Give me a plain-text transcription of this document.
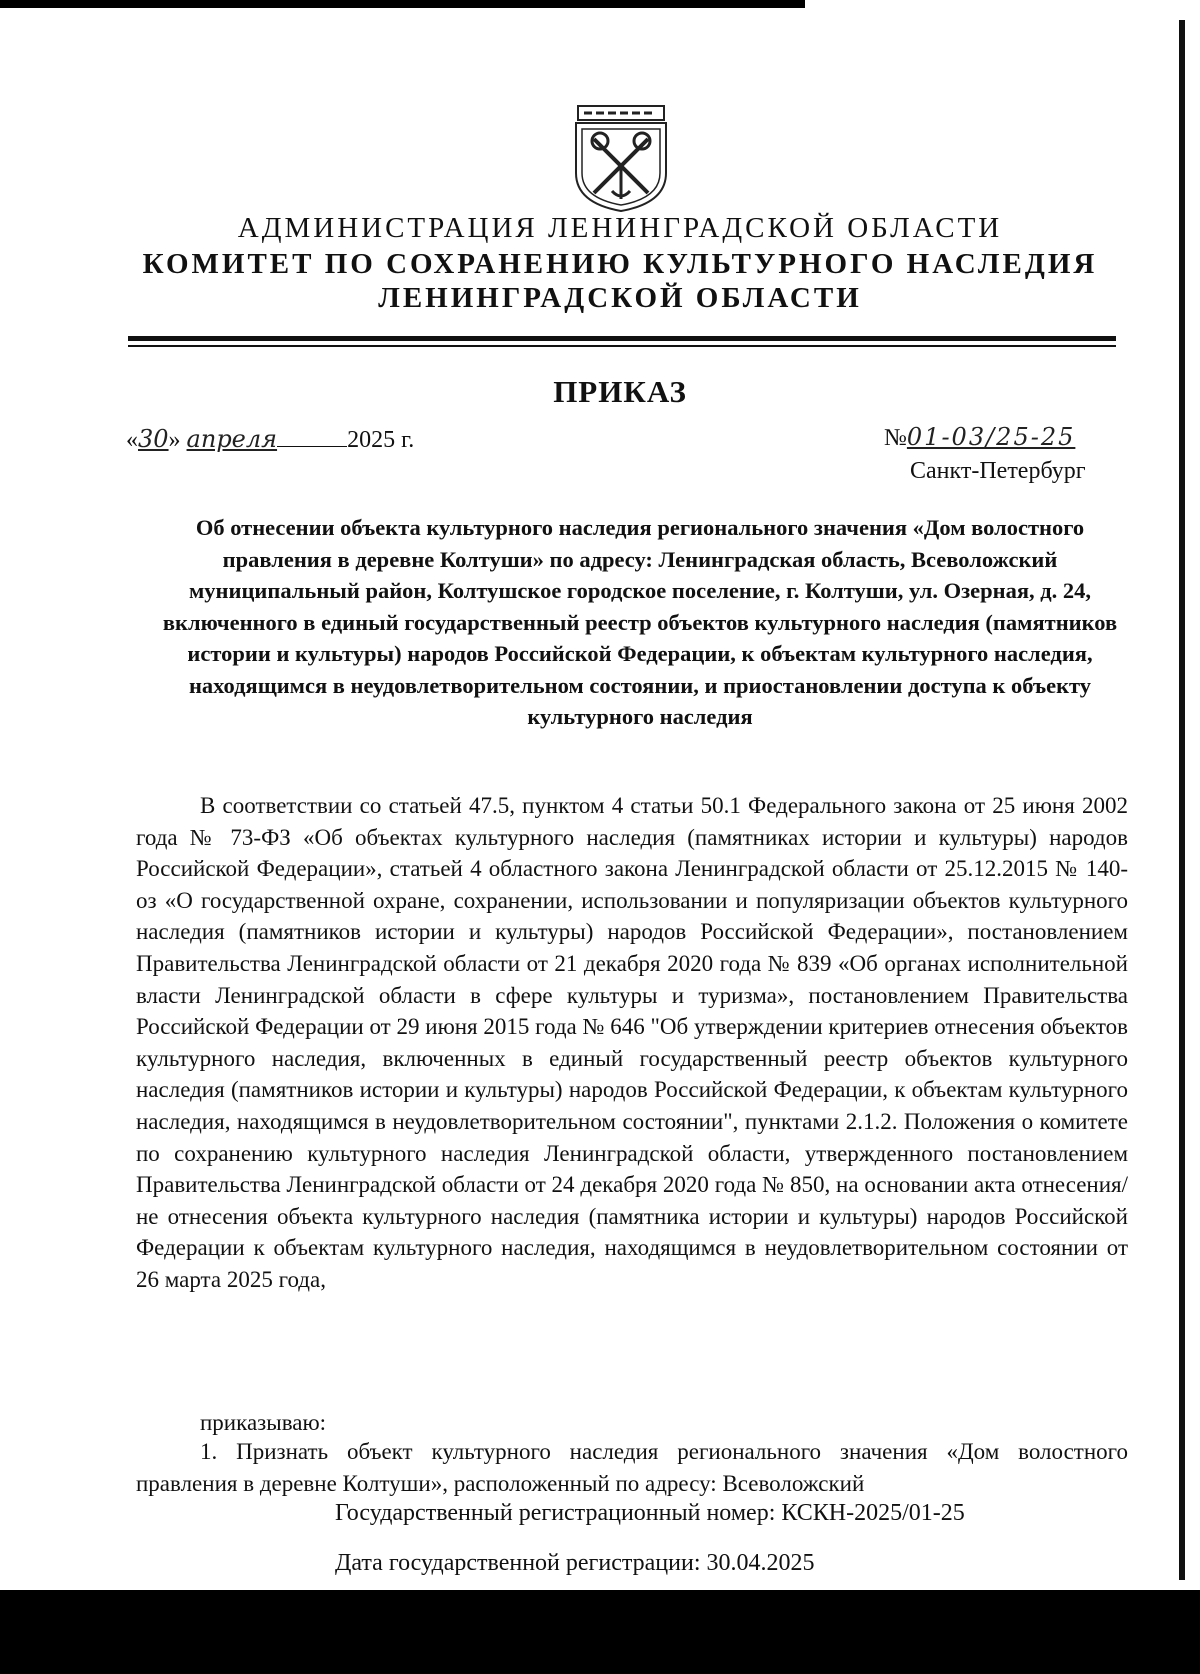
АДМИНИСТРАЦИЯ ЛЕНИНГРАДСКОЙ ОБЛАСТИ
КОМИТЕТ ПО СОХРАНЕНИЮ КУЛЬТУРНОГО НАСЛЕДИЯ
ЛЕНИНГРАДСКОЙ ОБЛАСТИ
ПРИКАЗ
«30» апреля	2025 г.	№01-03/25-25
Санкт-Петербург

Об отнесении объекта культурного наследия регионального значения «Дом волостного правления в деревне Колтуши» по адресу: Ленинградская область, Всеволожский муниципальный район, Колтушское городское поселение, г. Колтуши, ул. Озерная, д. 24, включенного в единый государственный реестр объектов культурного наследия (памятников истории и культуры) народов Российской Федерации, к объектам культурного наследия, находящимся в неудовлетворительном состоянии, и приостановлении доступа к объекту культурного наследия

В соответствии со статьей 47.5, пунктом 4 статьи 50.1 Федерального закона от 25 июня 2002 года № 73-ФЗ «Об объектах культурного наследия (памятниках истории и культуры) народов Российской Федерации», статьей 4 областного закона Ленинградской области от 25.12.2015 № 140-оз «О государственной охране, сохранении, использовании и популяризации объектов культурного наследия (памятников истории и культуры) народов Российской Федерации», постановлением Правительства Ленинградской области от 21 декабря 2020 года № 839 «Об органах исполнительной власти Ленинградской области в сфере культуры и туризма», постановлением Правительства Российской Федерации от 29 июня 2015 года № 646 "Об утверждении критериев отнесения объектов культурного наследия, включенных в единый государственный реестр объектов культурного наследия (памятников истории и культуры) народов Российской Федерации, к объектам культурного наследия, находящимся в неудовлетворительном состоянии", пунктами 2.1.2. Положения о комитете по сохранению культурного наследия Ленинградской области, утвержденного постановлением Правительства Ленинградской области от 24 декабря 2020 года № 850, на основании акта отнесения/не отнесения объекта культурного наследия (памятника истории и культуры) народов Российской Федерации к объектам культурного наследия, находящимся в неудовлетворительном состоянии от 26 марта 2025 года,

приказываю:

1. Признать объект культурного наследия регионального значения «Дом волостного правления в деревне Колтуши», расположенный по адресу: Всеволожский

Государственный регистрационный номер: КСКН-2025/01-25
Дата государственной регистрации: 30.04.2025
